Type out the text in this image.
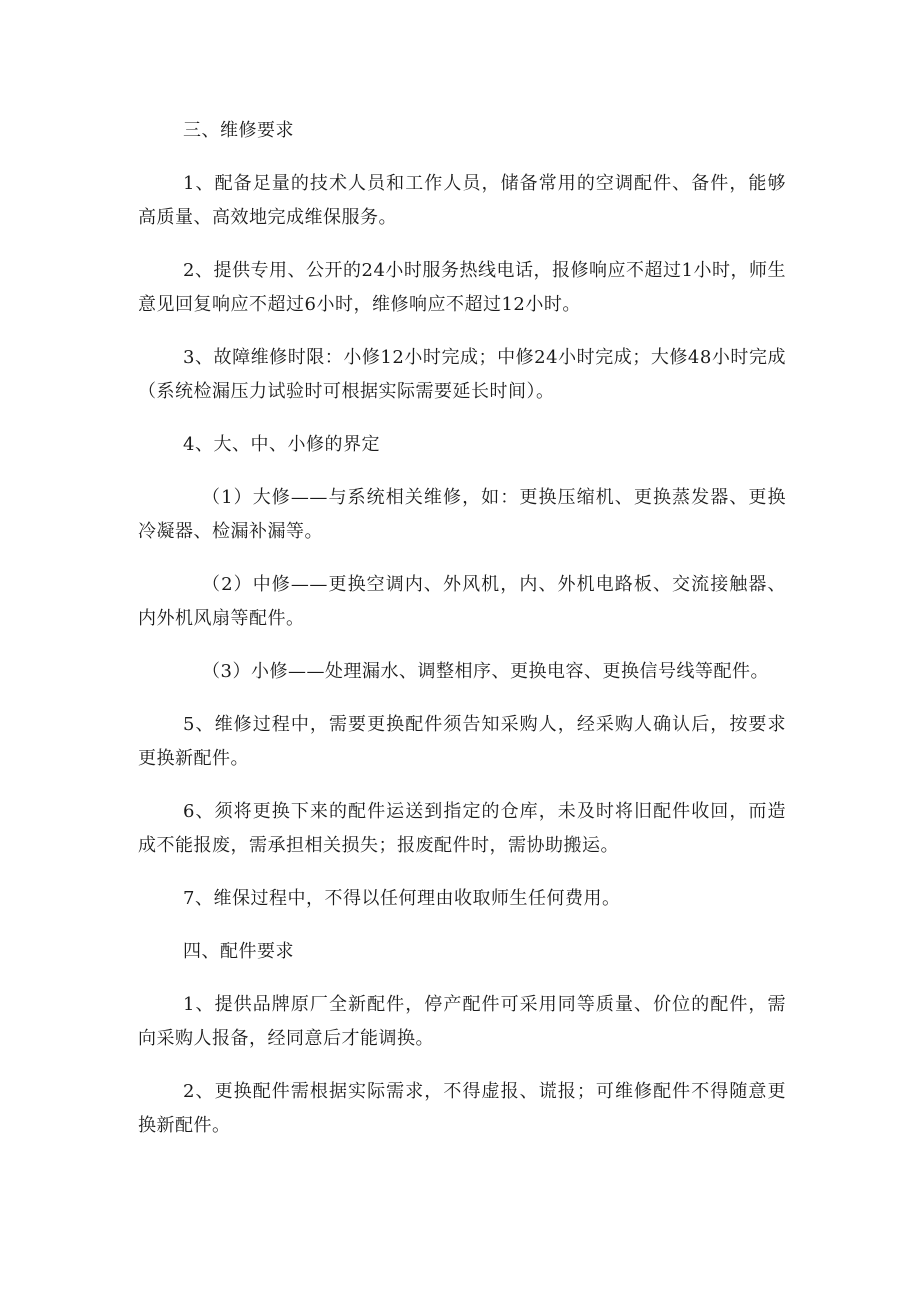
三、维修要求

1、配备足量的技术人员和工作人员，储备常用的空调配件、备件，能够高质量、高效地完成维保服务。

2、提供专用、公开的24小时服务热线电话，报修响应不超过1小时，师生意见回复响应不超过6小时，维修响应不超过12小时。

3、故障维修时限：小修12小时完成；中修24小时完成；大修48小时完成（系统检漏压力试验时可根据实际需要延长时间）。

4、大、中、小修的界定

（1）大修——与系统相关维修，如：更换压缩机、更换蒸发器、更换冷凝器、检漏补漏等。

（2）中修——更换空调内、外风机，内、外机电路板、交流接触器、内外机风扇等配件。

（3）小修——处理漏水、调整相序、更换电容、更换信号线等配件。

5、维修过程中，需要更换配件须告知采购人，经采购人确认后，按要求更换新配件。

6、须将更换下来的配件运送到指定的仓库，未及时将旧配件收回，而造成不能报废，需承担相关损失；报废配件时，需协助搬运。

7、维保过程中，不得以任何理由收取师生任何费用。

四、配件要求

1、提供品牌原厂全新配件，停产配件可采用同等质量、价位的配件，需向采购人报备，经同意后才能调换。

2、更换配件需根据实际需求，不得虚报、谎报；可维修配件不得随意更换新配件。
